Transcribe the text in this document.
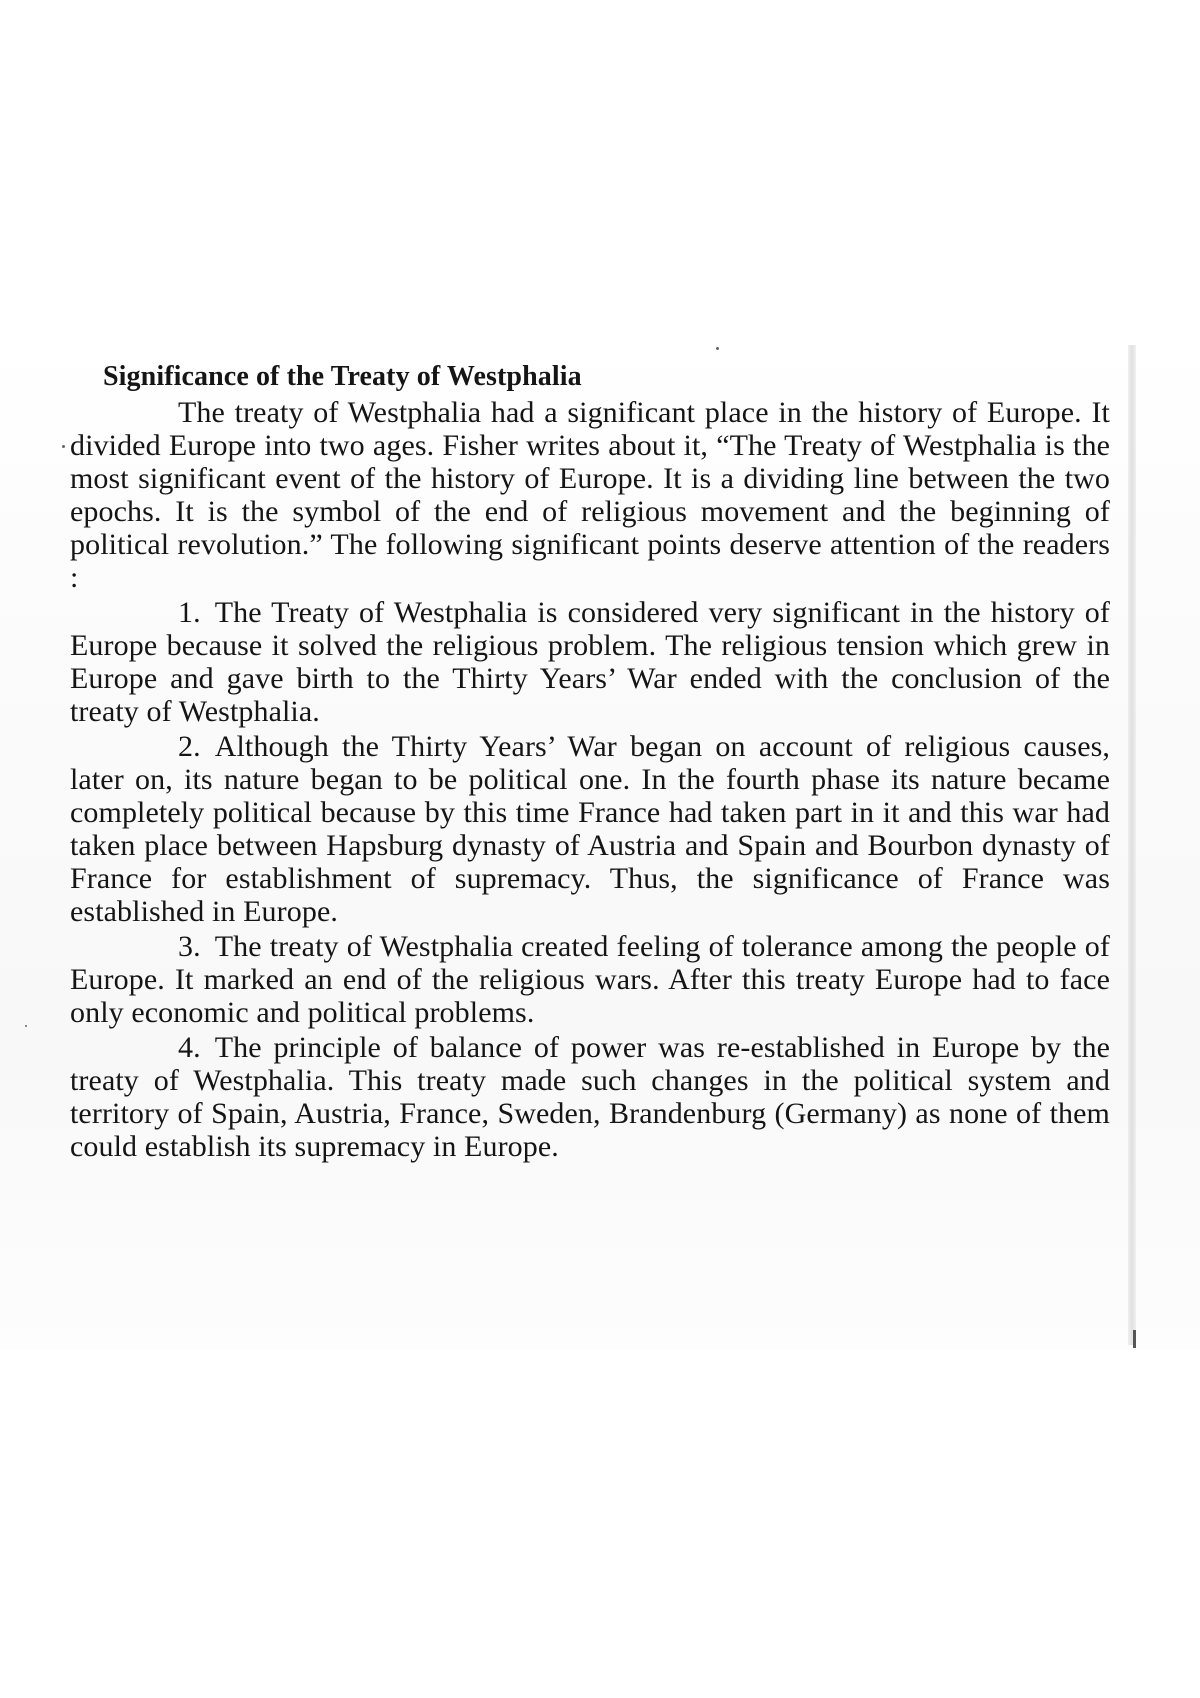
Significance of the Treaty of Westphalia

The treaty of Westphalia had a significant place in the history of Europe. It divided Europe into two ages. Fisher writes about it, “The Treaty of Westphalia is the most significant event of the history of Europe. It is a dividing line between the two epochs. It is the symbol of the end of religious movement and the beginning of political revolution.” The following significant points deserve attention of the readers :

1. The Treaty of Westphalia is considered very significant in the history of Europe because it solved the religious problem. The religious tension which grew in Europe and gave birth to the Thirty Years’ War ended with the conclusion of the treaty of Westphalia.

2. Although the Thirty Years’ War began on account of religious causes, later on, its nature began to be political one. In the fourth phase its nature became completely political because by this time France had taken part in it and this war had taken place between Hapsburg dynasty of Austria and Spain and Bourbon dynasty of France for establishment of supremacy. Thus, the significance of France was established in Europe.

3. The treaty of Westphalia created feeling of tolerance among the people of Europe. It marked an end of the religious wars. After this treaty Europe had to face only economic and political problems.

4. The principle of balance of power was re-established in Europe by the treaty of Westphalia. This treaty made such changes in the political system and territory of Spain, Austria, France, Sweden, Brandenburg (Germany) as none of them could establish its supremacy in Europe.
